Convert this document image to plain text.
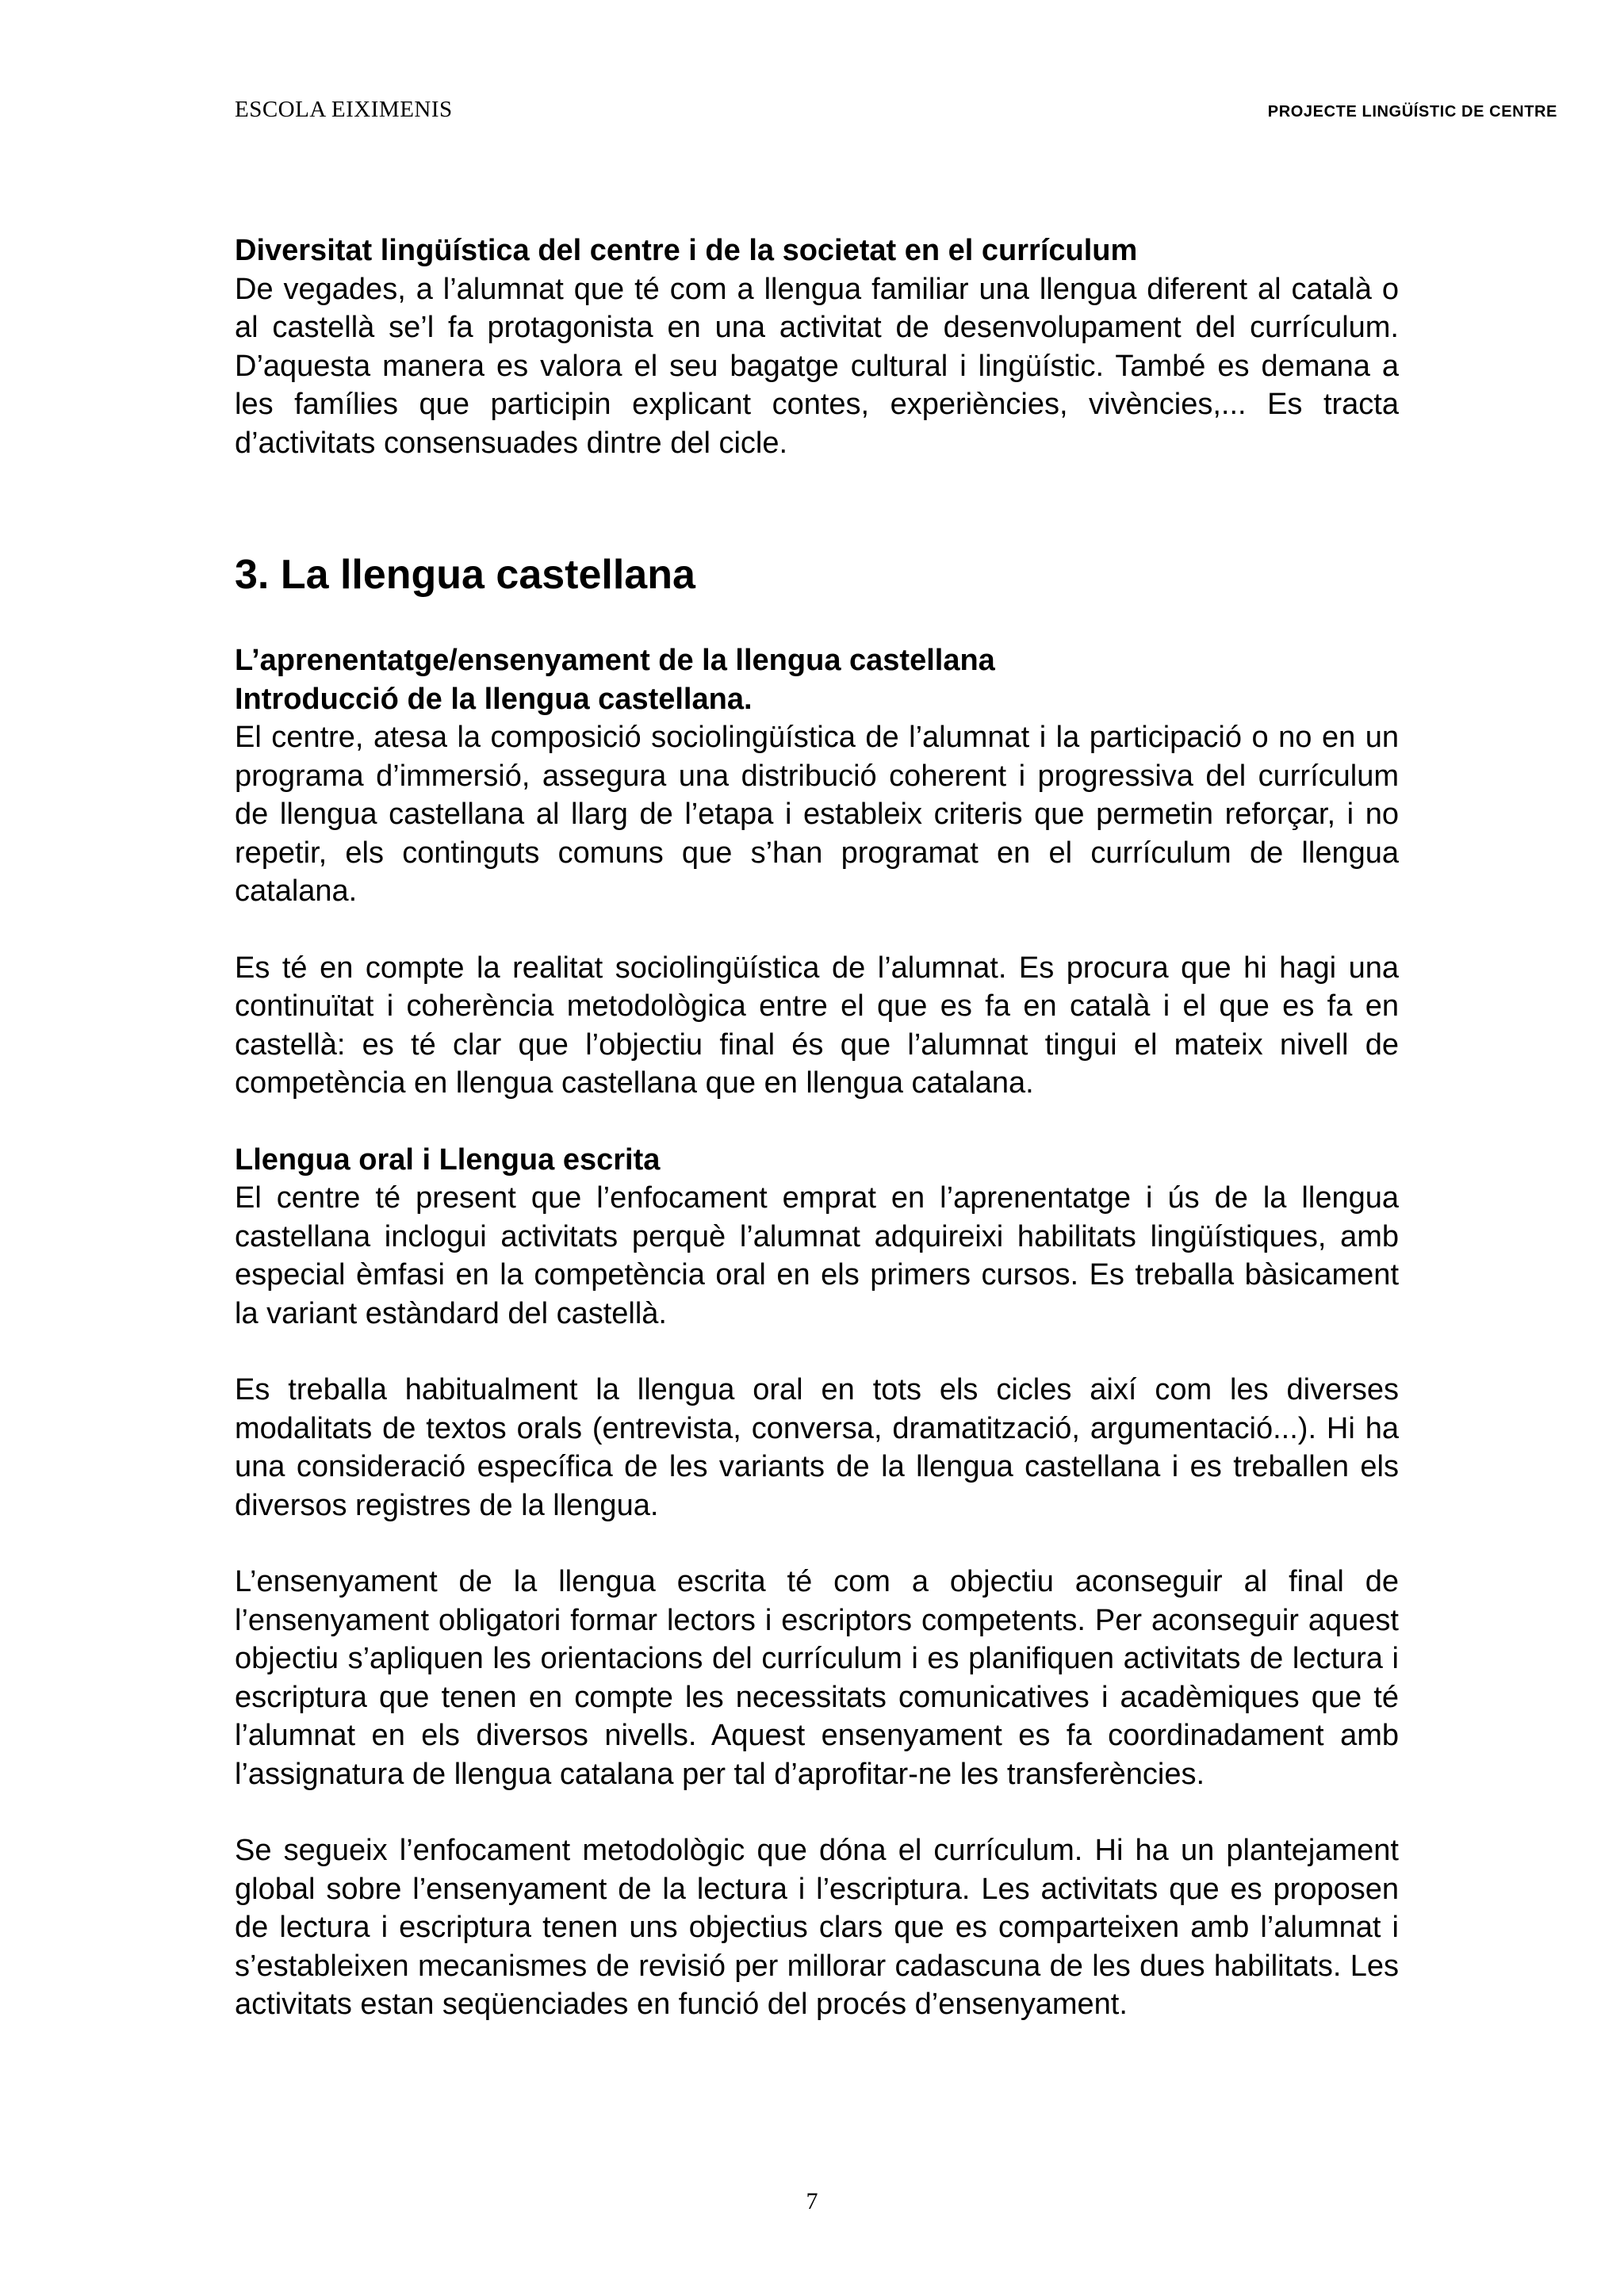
ESCOLA EIXIMENIS	PROJECTE LINGÜÍSTIC DE CENTRE
Diversitat lingüística del centre i de la societat en el currículum

De vegades, a l’alumnat que té com a llengua familiar una llengua diferent al català o al castellà se’l fa protagonista en una activitat de desenvolupament del currículum. D’aquesta manera es valora el seu bagatge cultural i lingüístic. També es demana a les famílies que participin explicant contes, experiències, vivències,... Es tracta d’activitats consensuades dintre del cicle.

3. La llengua castellana
L’aprenentatge/ensenyament de la llengua castellana
Introducció de la llengua castellana.

El centre, atesa la composició sociolingüística de l’alumnat i la participació o no en un programa d’immersió, assegura una distribució coherent i progressiva del currículum de llengua castellana al llarg de l’etapa i estableix criteris que permetin reforçar, i no repetir, els continguts comuns que s’han programat en el currículum de llengua catalana.

Es té en compte la realitat sociolingüística de l’alumnat. Es procura que hi hagi una continuïtat i coherència metodològica entre el que es fa en català i el que es fa en castellà: es té clar que l’objectiu final és que l’alumnat tingui el mateix nivell de competència en llengua castellana que en llengua catalana.

Llengua oral i Llengua escrita

El centre té present que l’enfocament emprat en l’aprenentatge i ús de la llengua castellana inclogui activitats perquè l’alumnat adquireixi habilitats lingüístiques, amb especial èmfasi en la competència oral en els primers cursos. Es treballa bàsicament la variant estàndard del castellà.

Es treballa habitualment la llengua oral en tots els cicles així com les diverses modalitats de textos orals (entrevista, conversa, dramatització, argumentació...). Hi ha una consideració específica de les variants de la llengua castellana i es treballen els diversos registres de la llengua.

L’ensenyament de la llengua escrita té com a objectiu aconseguir al final de l’ensenyament obligatori formar lectors i escriptors competents. Per aconseguir aquest objectiu s’apliquen les orientacions del currículum i es planifiquen activitats de lectura i escriptura que tenen en compte les necessitats comunicatives i acadèmiques que té l’alumnat en els diversos nivells. Aquest ensenyament es fa coordinadament amb l’assignatura de llengua catalana per tal d’aprofitar-ne les transferències.

Se segueix l’enfocament metodològic que dóna el currículum. Hi ha un plantejament global sobre l’ensenyament de la lectura i l’escriptura. Les activitats que es proposen de lectura i escriptura tenen uns objectius clars que es comparteixen amb l’alumnat i s’estableixen mecanismes de revisió per millorar cadascuna de les dues habilitats. Les activitats estan seqüenciades en funció del procés d’ensenyament.

7
